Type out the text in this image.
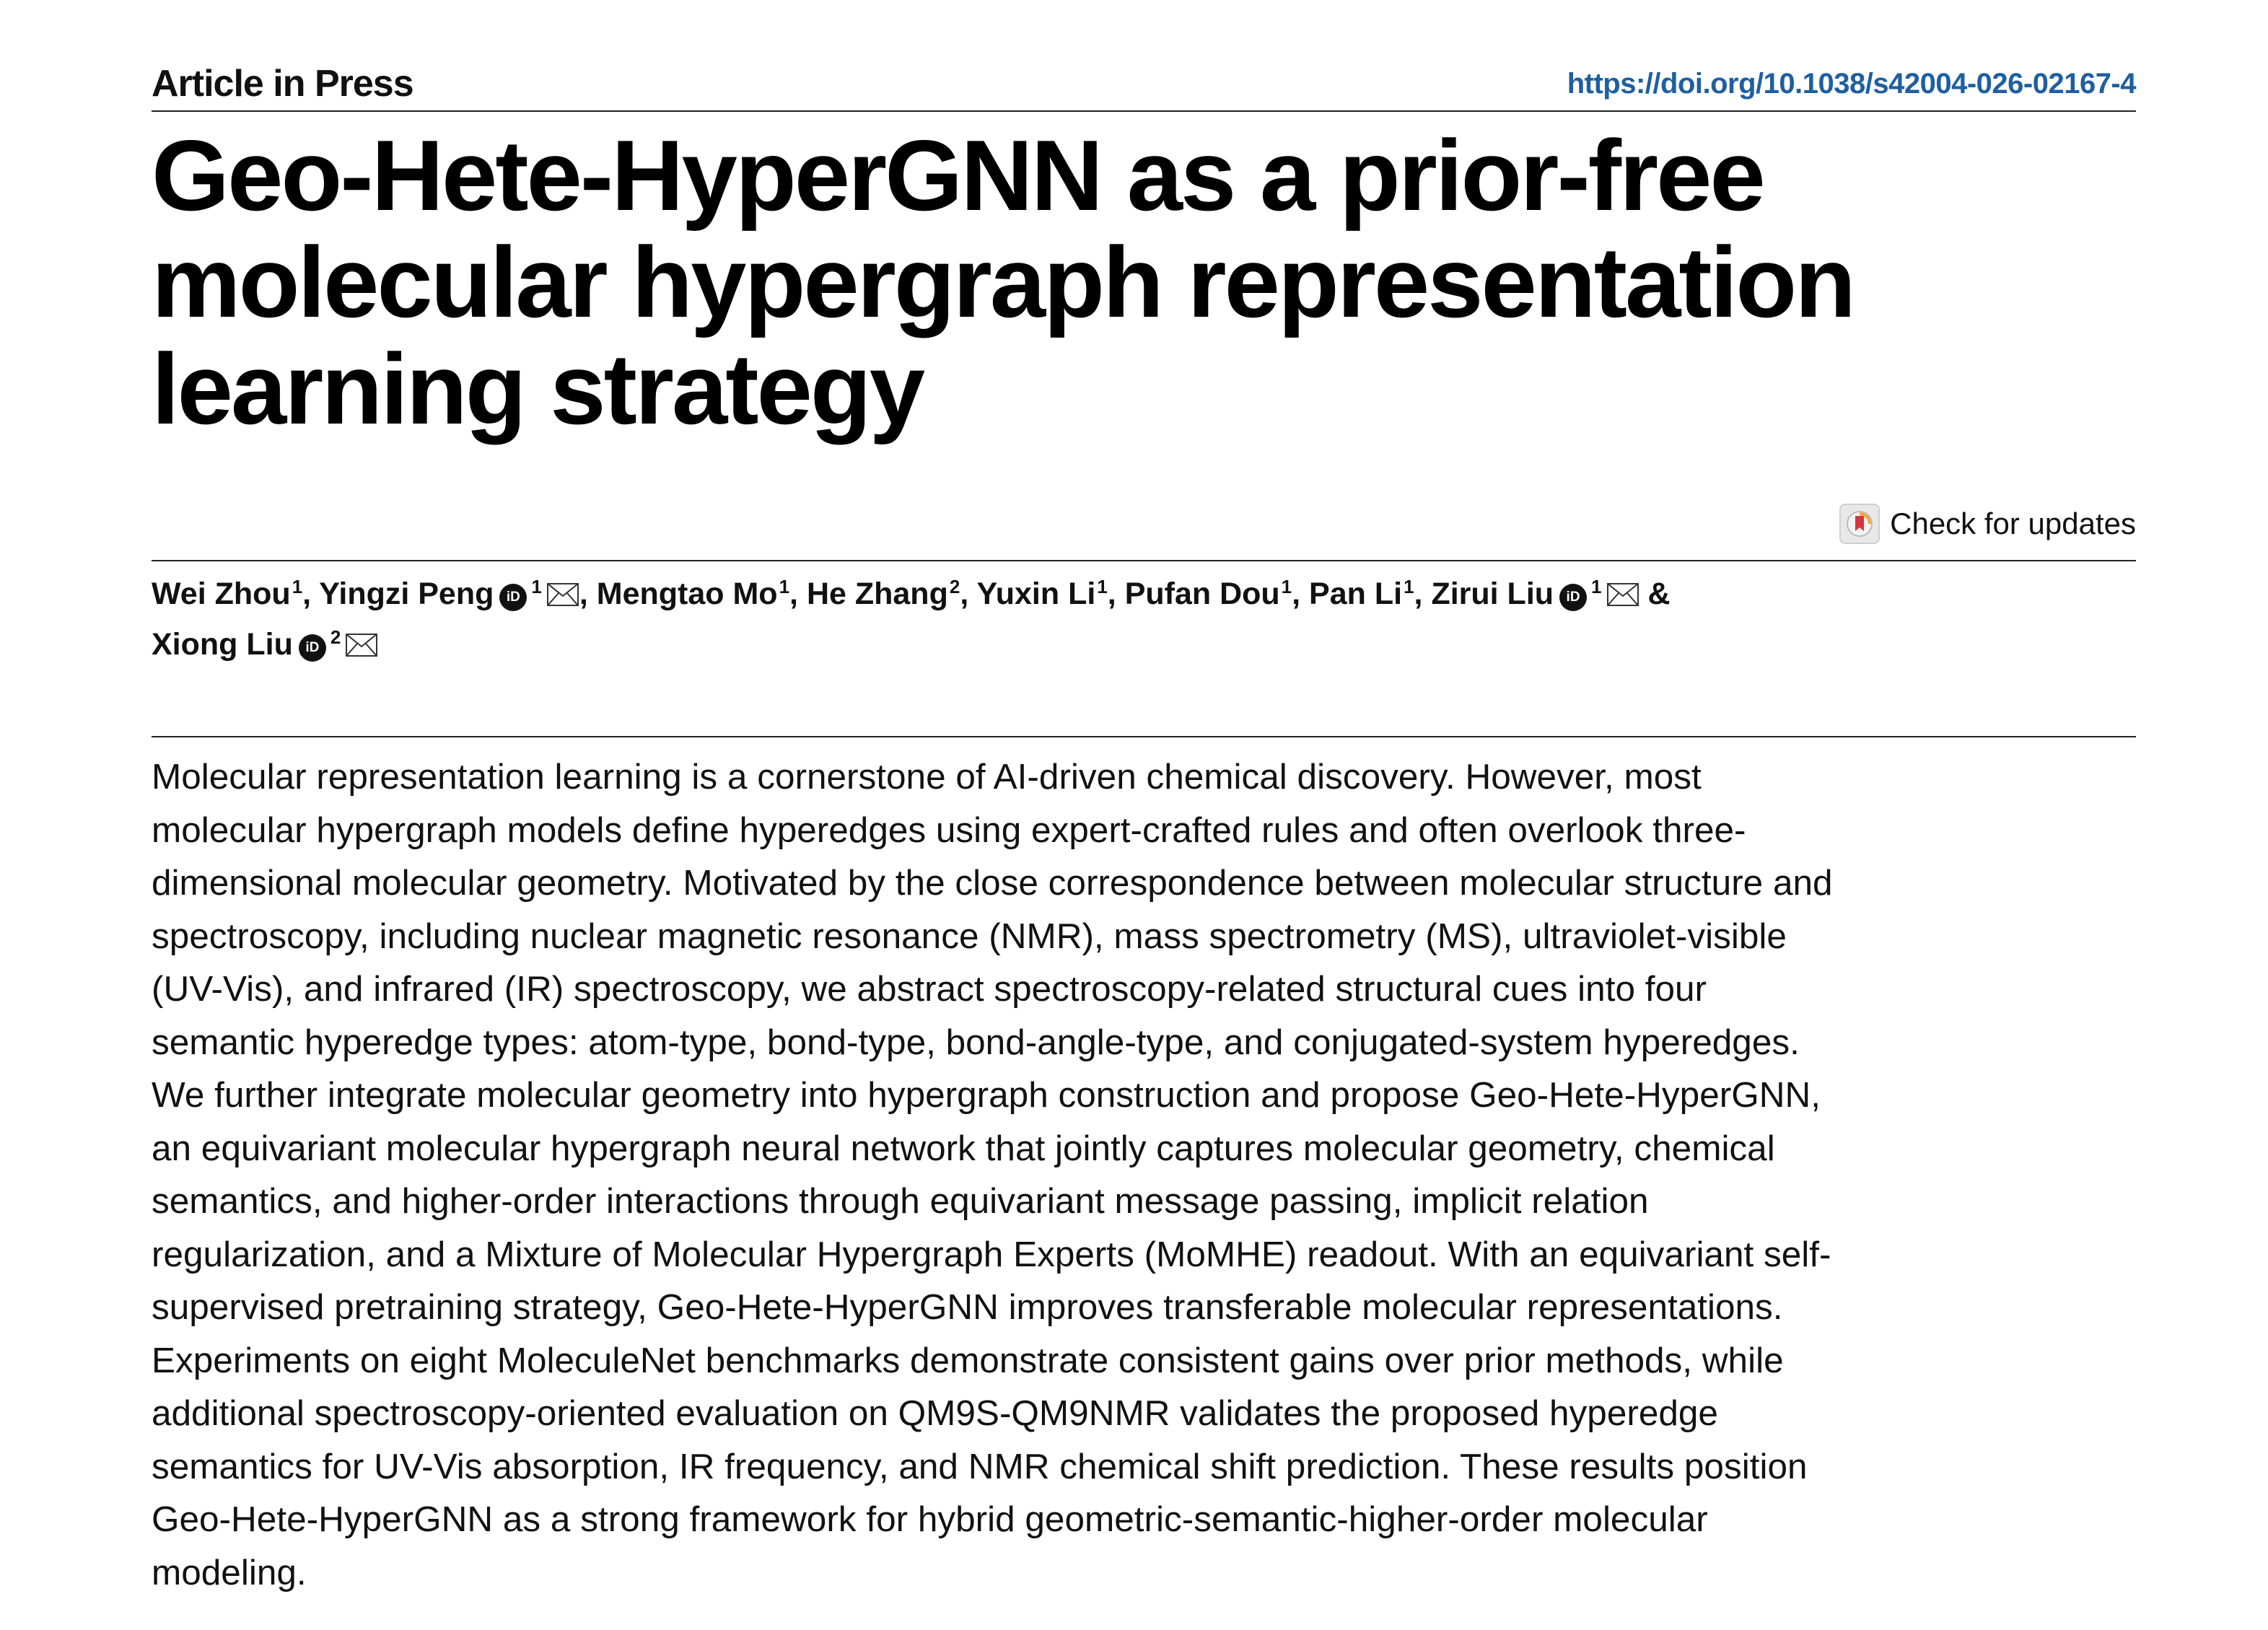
Article in Press	https://doi.org/10.1038/s42004-026-02167-4
Geo-Hete-HyperGNN as a prior-free molecular hypergraph representation learning strategy
Check for updates
Wei Zhou$^1$, Yingzi Peng iD $^1$ , Mengtao Mo$^1$, He Zhang$^2$, Yuxin Li$^1$, Pufan Dou$^1$, Pan Li$^1$, Zirui Liu iD $^1$ &
Xiong Liu iD $^2$

Molecular representation learning is a cornerstone of AI-driven chemical discovery. However, most molecular hypergraph models define hyperedges using expert-crafted rules and often overlook three-dimensional molecular geometry. Motivated by the close correspondence between molecular structure and spectroscopy, including nuclear magnetic resonance (NMR), mass spectrometry (MS), ultraviolet-visible (UV-Vis), and infrared (IR) spectroscopy, we abstract spectroscopy-related structural cues into four semantic hyperedge types: atom-type, bond-type, bond-angle-type, and conjugated-system hyperedges. We further integrate molecular geometry into hypergraph construction and propose Geo-Hete-HyperGNN, an equivariant molecular hypergraph neural network that jointly captures molecular geometry, chemical semantics, and higher-order interactions through equivariant message passing, implicit relation regularization, and a Mixture of Molecular Hypergraph Experts (MoMHE) readout. With an equivariant self-supervised pretraining strategy, Geo-Hete-HyperGNN improves transferable molecular representations. Experiments on eight MoleculeNet benchmarks demonstrate consistent gains over prior methods, while additional spectroscopy-oriented evaluation on QM9S-QM9NMR validates the proposed hyperedge semantics for UV-Vis absorption, IR frequency, and NMR chemical shift prediction. These results position Geo-Hete-HyperGNN as a strong framework for hybrid geometric-semantic-higher-order molecular modeling.
